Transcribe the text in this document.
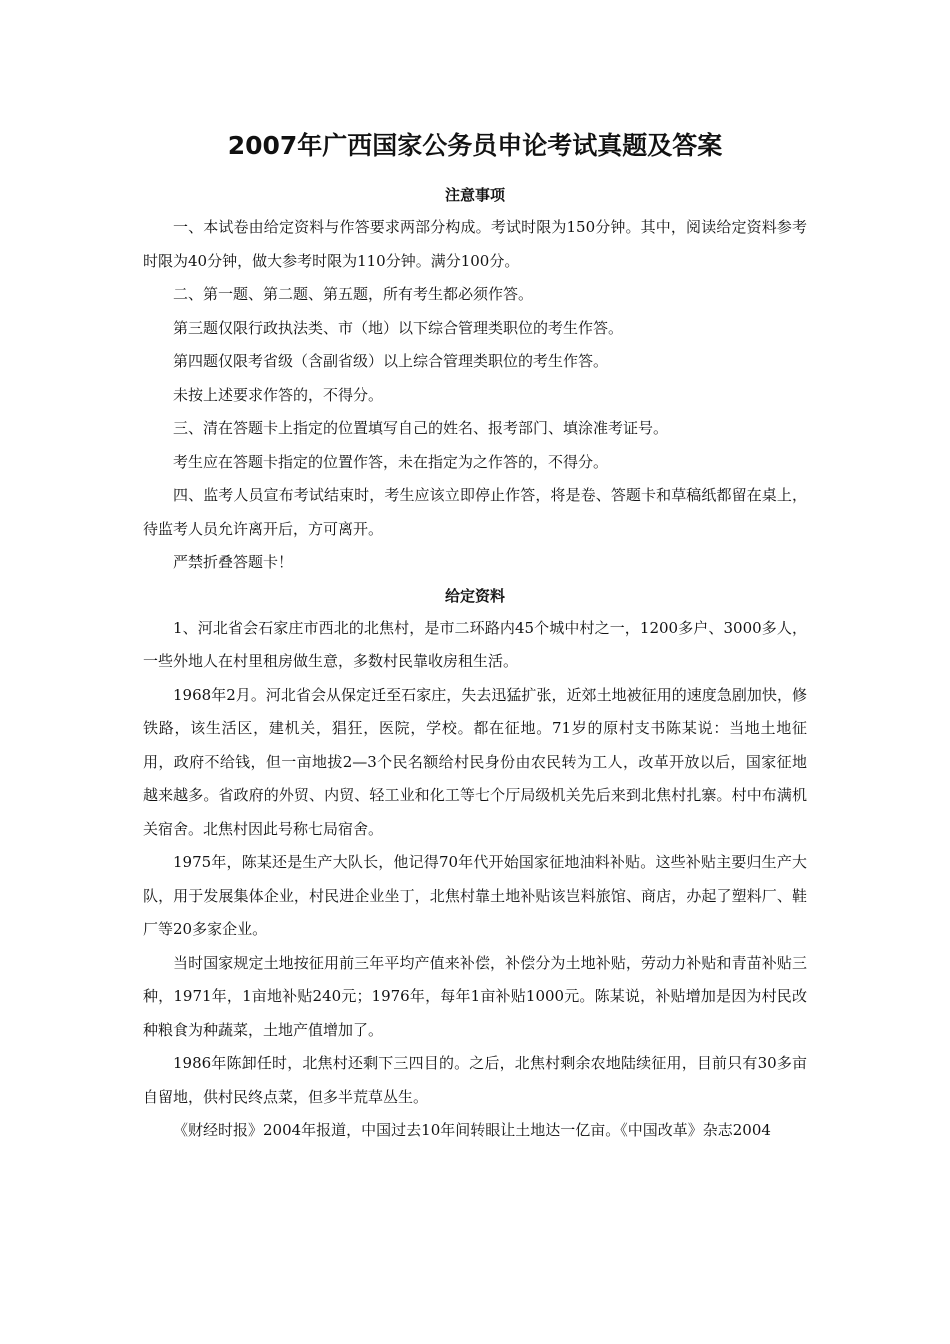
2007年广西国家公务员申论考试真题及答案
注意事项

一、本试卷由给定资料与作答要求两部分构成。考试时限为150分钟。其中，阅读给定资料参考时限为40分钟，做大参考时限为110分钟。满分100分。

二、第一题、第二题、第五题，所有考生都必须作答。

第三题仅限行政执法类、市（地）以下综合管理类职位的考生作答。

第四题仅限考省级（含副省级）以上综合管理类职位的考生作答。

未按上述要求作答的，不得分。

三、清在答题卡上指定的位置填写自己的姓名、报考部门、填涂准考证号。

考生应在答题卡指定的位置作答，未在指定为之作答的，不得分。

四、监考人员宣布考试结束时，考生应该立即停止作答，将是卷、答题卡和草稿纸都留在桌上，待监考人员允许离开后，方可离开。

严禁折叠答题卡！

给定资料

1、河北省会石家庄市西北的北焦村，是市二环路内45个城中村之一，1200多户、3000多人，一些外地人在村里租房做生意，多数村民靠收房租生活。

1968年2月。河北省会从保定迁至石家庄，失去迅猛扩张，近郊土地被征用的速度急剧加快，修铁路，该生活区，建机关，猖狂，医院，学校。都在征地。71岁的原村支书陈某说：当地土地征用，政府不给钱，但一亩地拔2—3个民名额给村民身份由农民转为工人，改革开放以后，国家征地越来越多。省政府的外贸、内贸、轻工业和化工等七个厅局级机关先后来到北焦村扎寨。村中布满机关宿舍。北焦村因此号称七局宿舍。

1975年，陈某还是生产大队长，他记得70年代开始国家征地油料补贴。这些补贴主要归生产大队，用于发展集体企业，村民进企业坐丁，北焦村靠土地补贴该岂料旅馆、商店，办起了塑料厂、鞋厂等20多家企业。

当时国家规定土地按征用前三年平均产值来补偿，补偿分为土地补贴，劳动力补贴和青苗补贴三种，1971年，1亩地补贴240元；1976年，每年1亩补贴1000元。陈某说，补贴增加是因为村民改种粮食为种蔬菜，土地产值增加了。

1986年陈卸任时，北焦村还剩下三四目的。之后，北焦村剩余农地陆续征用，目前只有30多亩自留地，供村民终点菜，但多半荒草丛生。

《财经时报》2004年报道，中国过去10年间转眼让土地达一亿亩。《中国改革》杂志2004
